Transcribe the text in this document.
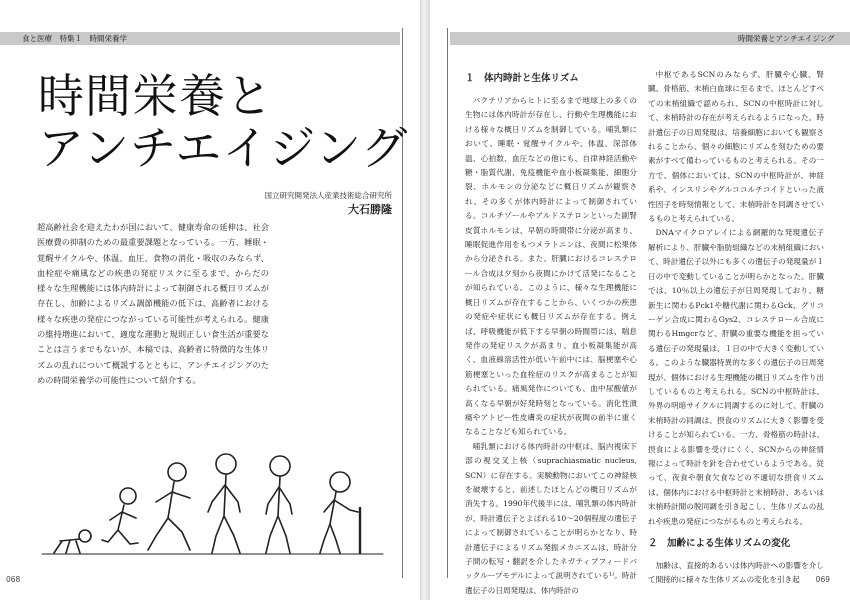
食と医療　特集１　時間栄養学
時間栄養と
アンチエイジング
国立研究開発法人産業技術総合研究所
大石勝隆
超高齢社会を迎えたわが国において、健康寿命の延伸は、社会医療費の抑制のための最重要課題となっている。一方、睡眠・覚醒サイクルや、体温、血圧、食物の消化・吸収のみならず、血栓症や痛風などの疾患の発症リスクに至るまで、からだの様々な生理機能には体内時計によって制御される概日リズムが存在し、加齢によるリズム調節機能の低下は、高齢者における様々な疾患の発症につながっている可能性が考えられる。健康の維持増進において、適度な運動と規則正しい食生活が重要なことは言うまでもないが、本稿では、高齢者に特徴的な生体リズムの乱れについて概説するとともに、アンチエイジングのための時間栄養学の可能性について紹介する。
068
時間栄養とアンチエイジング
１　体内時計と生体リズム

バクテリアからヒトに至るまで地球上の多くの生物には体内時計が存在し、行動や生理機能における様々な概日リズムを制御している。哺乳類において、睡眠・覚醒サイクルや、体温、深部体温、心拍数、血圧などの他にも、自律神経活動や糖・脂質代謝、免疫機能や血小板凝集能、細胞分裂、ホルモンの分泌などに概日リズムが観察され、その多くが体内時計によって制御されている。コルチゾールやアルドステロンといった副腎皮質ホルモンは、早朝の時間帯に分泌が高まり、睡眠促進作用をもつメラトニンは、夜間に松果体から分泌される。また、肝臓におけるコレステロール合成は夕刻から夜間にかけて活発になることが知られている。このように、様々な生理機能に概日リズムが存在することから、いくつかの疾患の発症や症状にも概日リズムが存在する。例えば、呼吸機能が低下する早朝の時間帯には、喘息発作の発症リスクが高まり、血小板凝集能が高く、血液線溶活性が低い午前中には、脳梗塞や心筋梗塞といった血栓症のリスクが高まることが知られている。痛風発作についても、血中尿酸値が高くなる早朝が好発時刻となっている。消化性潰瘍やアトピー性皮膚炎の症状が夜間の前半に重くなることなども知られている。

哺乳類における体内時計の中枢は、脳内視床下部の視交叉上核（suprachiasmatic nucleus, SCN）に存在する。実験動物においてこの神経核を破壊すると、前述したほとんどの概日リズムが消失する。1990年代後半には、哺乳類の体内時計が、時計遺伝子とよばれる10～20個程度の遺伝子によって制御されていることが明らかとなり、時計遺伝子によるリズム発振メカニズムは、時計分子間の転写・翻訳を介したネガティブフィードバックループモデルによって説明されている¹⁾。時計遺伝子の日周発現は、体内時計の

中枢であるSCNのみならず、肝臓や心臓、腎臓、骨格筋、末梢白血球に至るまで、ほとんどすべての末梢組織で認められ、SCNの中枢時計に対して、末梢時計の存在が考えられるようになった。時計遺伝子の日周発現は、培養細胞においても観察されることから、個々の細胞にリズムを刻むための要素がすべて備わっているものと考えられる。その一方で、個体においては、SCNの中枢時計が、神経系や、インスリンやグルココルチコイドといった液性因子を時刻情報として、末梢時計を同調させているものと考えられている。

DNAマイクロアレイによる網羅的な発現遺伝子解析により、肝臓や脂肪組織などの末梢組織において、時計遺伝子以外にも多くの遺伝子の発現量が１日の中で変動していることが明らかとなった。肝臓では、10％以上の遺伝子が日周発現しており、糖新生に関わるPck1や糖代謝に関わるGck、グリコーゲン合成に関わるGys2、コレステロール合成に関わるHmgcrなど、肝臓の重要な機能を担っている遺伝子の発現量は、１日の中で大きく変動している。このような臓器特異的な多くの遺伝子の日周発現が、個体における生理機能の概日リズムを作り出しているものと考えられる。SCNの中枢時計は、外界の明暗サイクルに同調するのに対して、肝臓の末梢時計の同調は、摂食のリズムに大きく影響を受けることが知られている。一方、骨格筋の時計は、摂食による影響を受けにくく、SCNからの神経情報によって時計を針を合わせているようである。従って、夜食や朝食欠食などの不適切な摂食リズムは、個体内における中枢時計と末梢時計、あるいは末梢時計間の脱同調を引き起こし、生体リズムの乱れや疾患の発症につながるものと考えられる。

２　加齢による生体リズムの変化

加齢は、直接的あるいは体内時計への影響を介して間接的に様々な生体リズムの変化を引き起	069
